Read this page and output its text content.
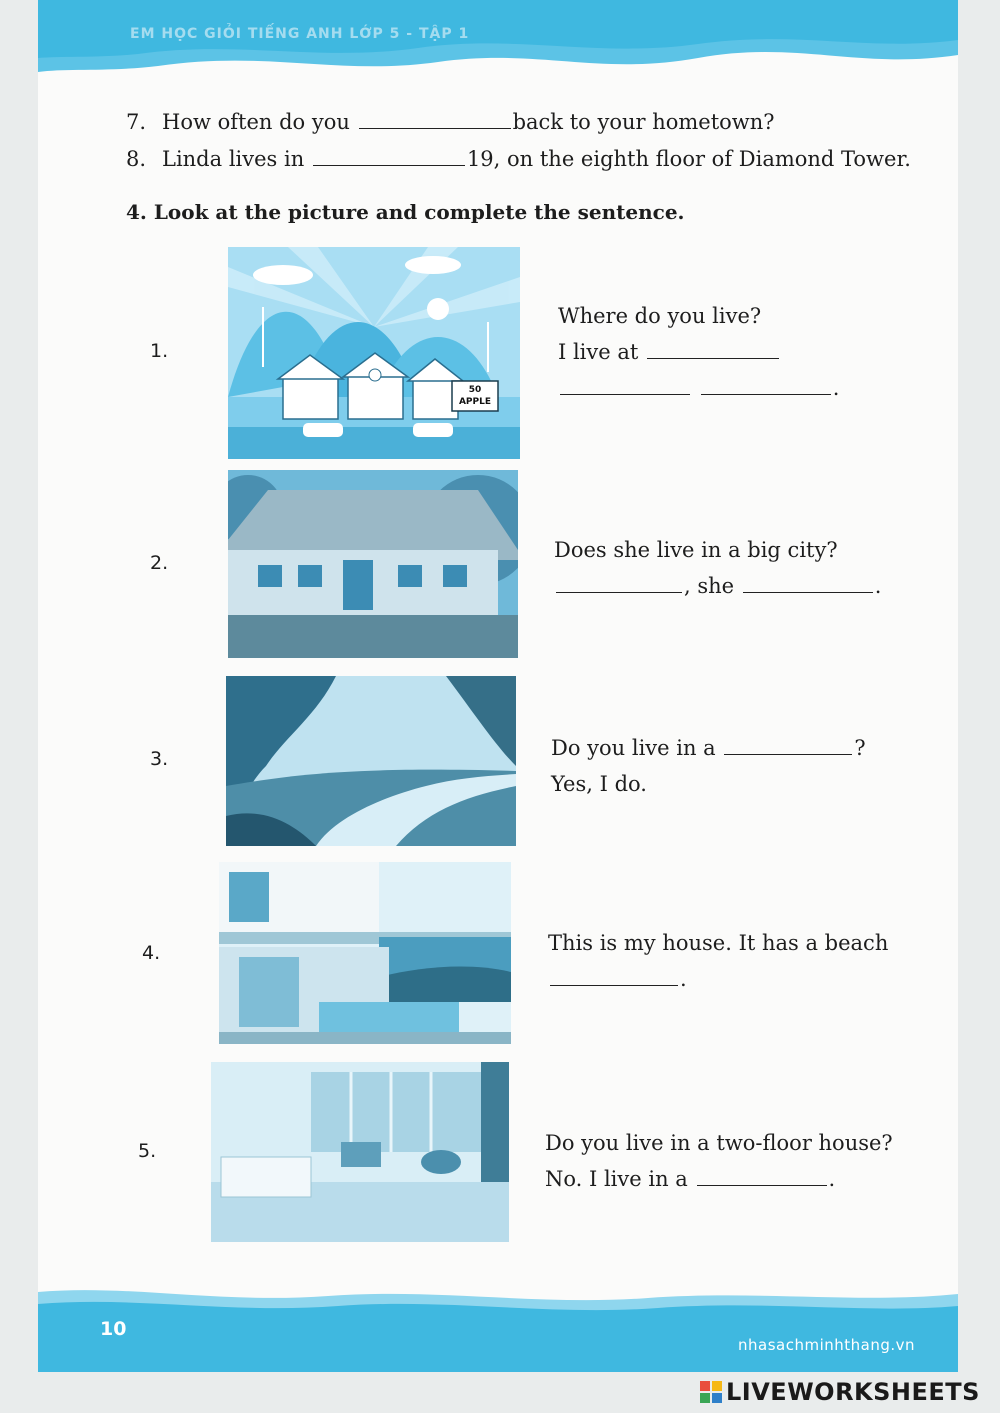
EM HỌC GIỎI TIẾNG ANH LỚP 5 - TẬP 1
10
nhasachminhthang.vn
7. How often do you	back to your hometown?
8. Linda lives in	19, on the eighth floor of Diamond Tower.
4. Look at the picture and complete the sentence.
1.
50
APPLE
Where do you live?
I live at
.
2.
Does she live in a big city?
, she	.
3.	Do you live in a	?
Yes, I do.
4.	This is my house. It has a beach
.
5.	Do you live in a two-floor house?
No. I live in a	.
LIVEWORKSHEETS
